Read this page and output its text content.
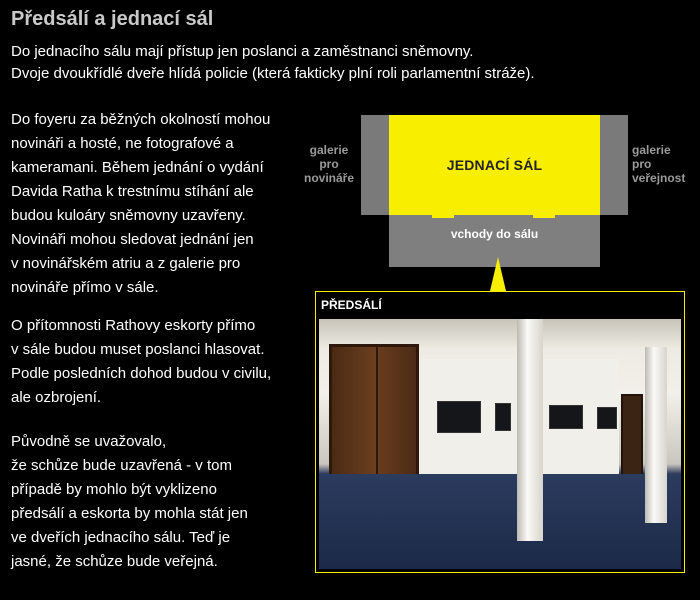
Předsálí a jednací sál
Do jednacího sálu mají přístup jen poslanci a zaměstnanci sněmovny.
Dvoje dvoukřídlé dveře hlídá policie (která fakticky plní roli parlamentní stráže).
Do foyeru za běžných okolností mohou
novináři a hosté, ne fotografové a
kameramani. Během jednání o vydání
Davida Ratha k trestnímu stíhání ale
budou kuloáry sněmovny uzavřeny.
Novináři mohou sledovat jednání jen
v novinářském atriu a z galerie pro
novináře přímo v sále.
O přítomnosti Rathovy eskorty přímo
v sále budou muset poslanci hlasovat.
Podle posledních dohod budou v civilu,
ale ozbrojení.
Původně se uvažovalo,
že schůze bude uzavřená - v tom
případě by mohlo být vyklizeno
předsálí a eskorta by mohla stát jen
ve dveřích jednacího sálu. Teď je
jasné, že schůze bude veřejná.
galerie
pro
novináře
JEDNACÍ SÁL
galerie
pro
veřejnost
vchody do sálu
PŘEDSÁLÍ
